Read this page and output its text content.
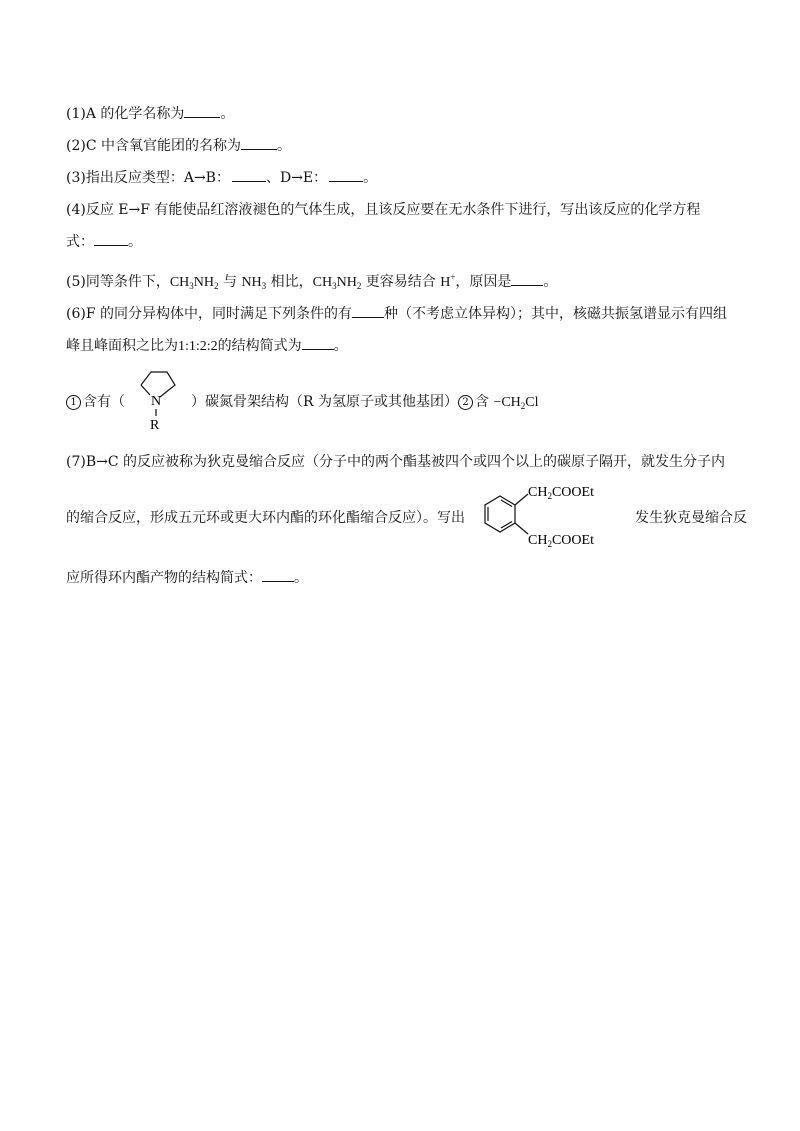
(1)A 的化学名称为	。
(2)C 中含氧官能团的名称为	。
(3)指出反应类型：A→B：	、D→E：	。
(4)反应 E→F 有能使品红溶液褪色的气体生成，且该反应要在无水条件下进行，写出该反应的化学方程
式： 。
(5)同等条件下，$CH_3NH_2$ 与 $NH_3$ 相比，$CH_3NH_2$ 更容易结合 H+，原因是 。
(6)F 的同分异构体中，同时满足下列条件的有 种（不考虑立体异构）；其中，核磁共振氢谱显示有四组
峰且峰面积之比为1:1:2:2的结构简式为 。
1 含有（	）碳氮骨架结构（R 为氢原子或其他基团） 2 含 $-CH_2Cl$
N
R
(7)B→C 的反应被称为狄克曼缩合反应（分子中的两个酯基被四个或四个以上的碳原子隔开，就发生分子内
的缩合反应，形成五元环或更大环内酯的环化酯缩合反应）。写出	发生狄克曼缩合反
应所得环内酯产物的结构简式： 。
$CH_2COOEt$
$CH_2COOEt$
